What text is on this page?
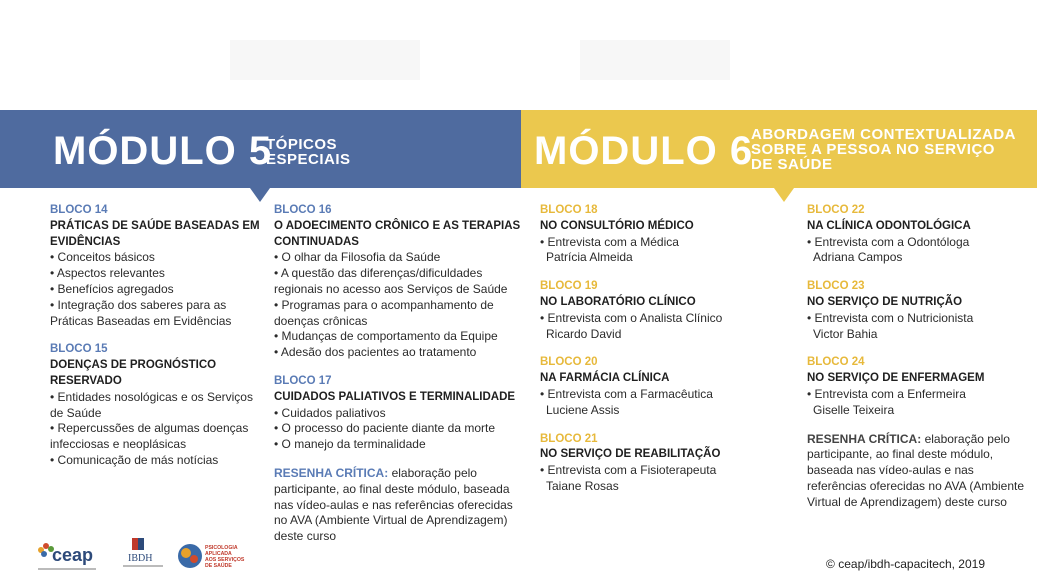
MÓDULO 5
TÓPICOS
ESPECIAIS	MÓDULO 6
ABORDAGEM CONTEXTUALIZADA
SOBRE A PESSOA NO SERVIÇO
DE SAÚDE
BLOCO 14
PRÁTICAS DE SAÚDE BASEADAS EM EVIDÊNCIAS
• Conceitos básicos
• Aspectos relevantes
• Benefícios agregados
• Integração dos saberes para as Práticas Baseadas em Evidências
BLOCO 15
DOENÇAS DE PROGNÓSTICO RESERVADO
• Entidades nosológicas e os Serviços de Saúde
• Repercussões de algumas doenças infecciosas e neoplásicas
• Comunicação de más notícias
BLOCO 16
O ADOECIMENTO CRÔNICO E AS TERAPIAS CONTINUADAS
• O olhar da Filosofia da Saúde
• A questão das diferenças/dificuldades regionais no acesso aos Serviços de Saúde
• Programas para o acompanhamento de doenças crônicas
• Mudanças de comportamento da Equipe
• Adesão dos pacientes ao tratamento
BLOCO 17
CUIDADOS PALIATIVOS E TERMINALIDADE
• Cuidados paliativos
• O processo do paciente diante da morte
• O manejo da terminalidade
RESENHA CRÍTICA: elaboração pelo participante, ao final deste módulo, baseada nas vídeo-aulas e nas referências oferecidas no AVA (Ambiente Virtual de Aprendizagem) deste curso
BLOCO 18
NO CONSULTÓRIO MÉDICO
• Entrevista com a Médica
Patrícia Almeida
BLOCO 19
NO LABORATÓRIO CLÍNICO
• Entrevista com o Analista Clínico
Ricardo David
BLOCO 20
NA FARMÁCIA CLÍNICA
• Entrevista com a Farmacêutica
Luciene Assis
BLOCO 21
NO SERVIÇO DE REABILITAÇÃO
• Entrevista com a Fisioterapeuta
Taiane Rosas
BLOCO 22
NA CLÍNICA ODONTOLÓGICA
• Entrevista com a Odontóloga
Adriana Campos
BLOCO 23
NO SERVIÇO DE NUTRIÇÃO
• Entrevista com o Nutricionista
Victor Bahia
BLOCO 24
NO SERVIÇO DE ENFERMAGEM
• Entrevista com a Enfermeira
Giselle Teixeira
RESENHA CRÍTICA: elaboração pelo participante, ao final deste módulo, baseada nas vídeo-aulas e nas referências oferecidas no AVA (Ambiente Virtual de Aprendizagem) deste curso
ceap	IBDH
PSICOLOGIA APLICADA AOS SERVIÇOS DE SAÚDE	© ceap/ibdh-capacitech, 2019
